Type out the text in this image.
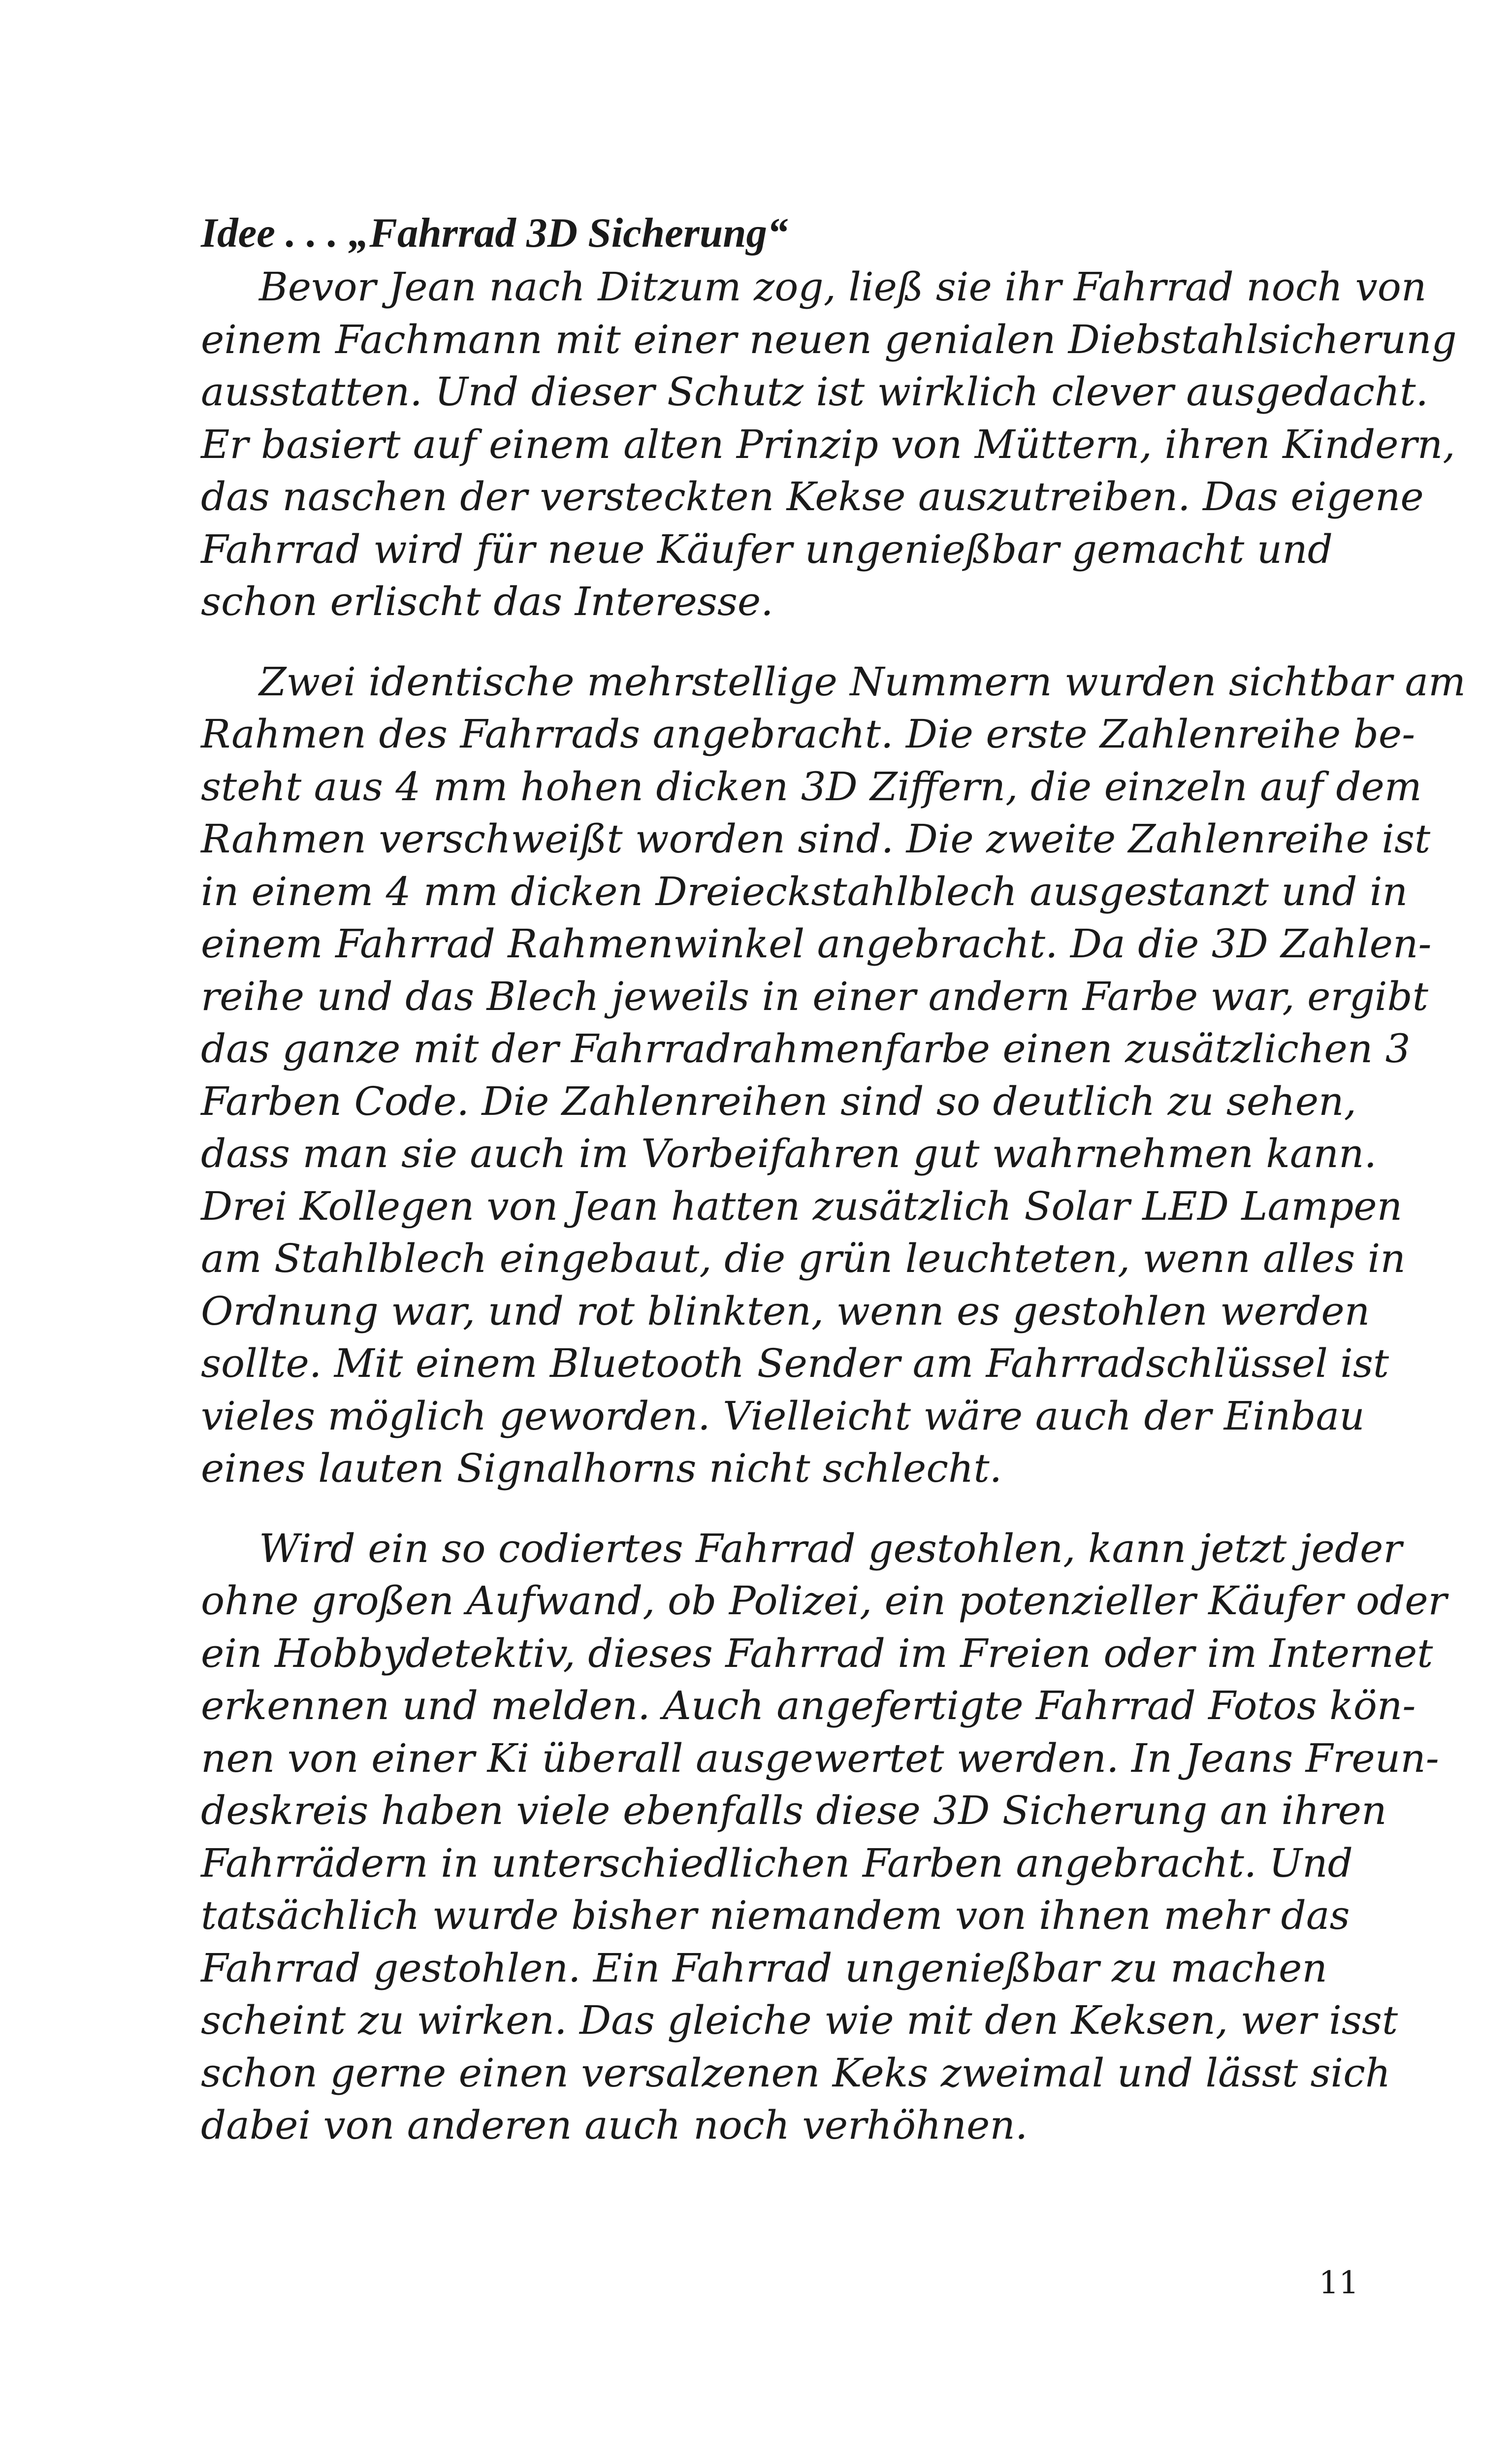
Idee . . . „Fahrrad 3D Sicherung“

Bevor Jean nach Ditzum zog, ließ sie ihr Fahrrad noch von
einem Fachmann mit einer neuen genialen Diebstahlsicherung
ausstatten. Und dieser Schutz ist wirklich clever ausgedacht.
Er basiert auf einem alten Prinzip von Müttern, ihren Kindern,
das naschen der versteckten Kekse auszutreiben. Das eigene
Fahrrad wird für neue Käufer ungenießbar gemacht und
schon erlischt das Interesse.

Zwei identische mehrstellige Nummern wurden sichtbar am
Rahmen des Fahrrads angebracht. Die erste Zahlenreihe be-
steht aus 4 mm hohen dicken 3D Ziffern, die einzeln auf dem
Rahmen verschweißt worden sind. Die zweite Zahlenreihe ist
in einem 4 mm dicken Dreieckstahlblech ausgestanzt und in
einem Fahrrad Rahmenwinkel angebracht. Da die 3D Zahlen-
reihe und das Blech jeweils in einer andern Farbe war, ergibt
das ganze mit der Fahrradrahmenfarbe einen zusätzlichen 3
Farben Code. Die Zahlenreihen sind so deutlich zu sehen,
dass man sie auch im Vorbeifahren gut wahrnehmen kann.
Drei Kollegen von Jean hatten zusätzlich Solar LED Lampen
am Stahlblech eingebaut, die grün leuchteten, wenn alles in
Ordnung war, und rot blinkten, wenn es gestohlen werden
sollte. Mit einem Bluetooth Sender am Fahrradschlüssel ist
vieles möglich geworden. Vielleicht wäre auch der Einbau
eines lauten Signalhorns nicht schlecht.

Wird ein so codiertes Fahrrad gestohlen, kann jetzt jeder
ohne großen Aufwand, ob Polizei, ein potenzieller Käufer oder
ein Hobbydetektiv, dieses Fahrrad im Freien oder im Internet
erkennen und melden. Auch angefertigte Fahrrad Fotos kön-
nen von einer Ki überall ausgewertet werden. In Jeans Freun-
deskreis haben viele ebenfalls diese 3D Sicherung an ihren
Fahrrädern in unterschiedlichen Farben angebracht. Und
tatsächlich wurde bisher niemandem von ihnen mehr das
Fahrrad gestohlen. Ein Fahrrad ungenießbar zu machen
scheint zu wirken. Das gleiche wie mit den Keksen, wer isst
schon gerne einen versalzenen Keks zweimal und lässt sich
dabei von anderen auch noch verhöhnen.

11
